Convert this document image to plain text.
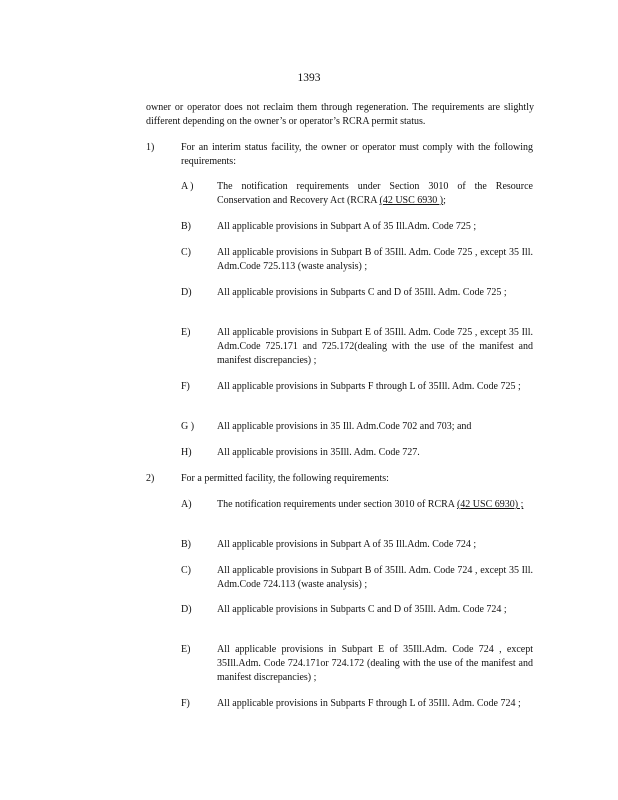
1393
owner or operator does not reclaim them through regeneration. The requirements are slightly different depending on the owner’s or operator’s RCRA permit status.
1)	For an interim status facility, the owner or operator must comply with the following requirements:
A ) The notification requirements under Section 3010 of the Resource Conservation and Recovery Act (RCRA (42 USC 6930 );
B)	All applicable provisions in Subpart A of 35 Ill.Adm. Code 725 ;
C)	All applicable provisions in Subpart B of 35Ill. Adm. Code 725 , except 35 Ill. Adm.Code 725.113 (waste analysis) ;
D)	All applicable provisions in Subparts C and D of 35Ill. Adm. Code 725 ;
E)	All applicable provisions in Subpart E of 35Ill. Adm. Code 725 , except 35 Ill. Adm.Code 725.171 and 725.172(dealing with the use of the manifest and manifest discrepancies) ;
F)	All applicable provisions in Subparts F through L of 35Ill. Adm. Code 725 ;
G ) All applicable provisions in 35 Ill. Adm.Code 702 and 703; and
H)	All applicable provisions in 35Ill. Adm. Code 727.
2)	For a permitted facility, the following requirements:
A)	The notification requirements under section 3010 of RCRA (42 USC 6930) ;
B)	All applicable provisions in Subpart A of 35 Ill.Adm. Code 724 ;
C)	All applicable provisions in Subpart B of 35Ill. Adm. Code 724 , except 35 Ill. Adm.Code 724.113 (waste analysis) ;
D)	All applicable provisions in Subparts C and D of 35Ill. Adm. Code 724 ;
E)	All applicable provisions in Subpart E of 35Ill.Adm. Code 724 , except 35Ill.Adm. Code 724.171or 724.172 (dealing with the use of the manifest and manifest discrepancies) ;
F)	All applicable provisions in Subparts F through L of 35Ill. Adm. Code 724 ;
